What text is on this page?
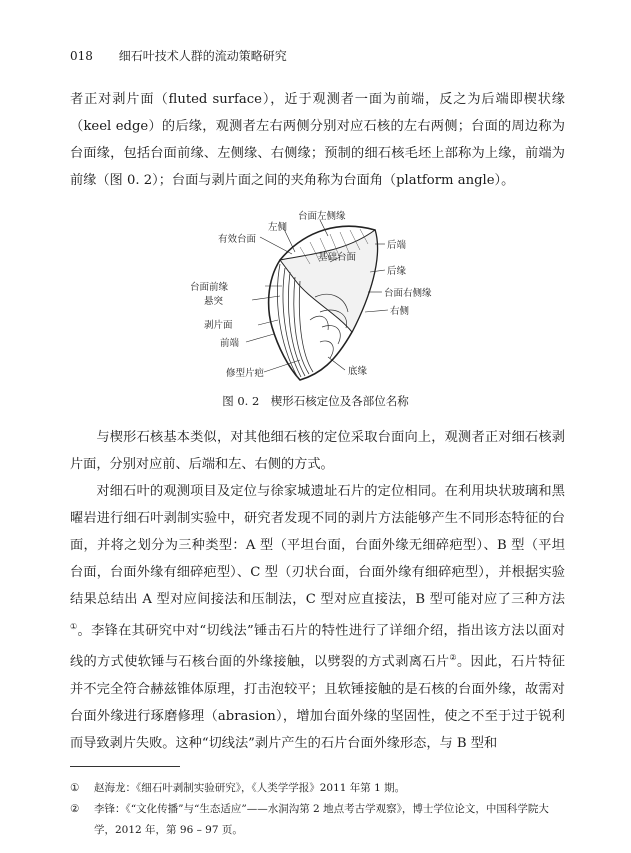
018 细石叶技术人群的流动策略研究

者正对剥片面（fluted surface），近于观测者一面为前端，反之为后端即楔状缘（keel edge）的后缘，观测者左右两侧分别对应石核的左右两侧；台面的周边称为台面缘，包括台面前缘、左侧缘、右侧缘；预制的细石核毛坯上部称为上缘，前端为前缘（图 0. 2）；台面与剥片面之间的夹角称为台面角（platform angle）。

有效台面
左侧
台面左侧缘
后端
基础台面
后缘
台面前缘
台面右侧缘
悬突
右侧
剥片面
前端
底缘
修型片疤
图 0. 2　楔形石核定位及各部位名称

与楔形石核基本类似，对其他细石核的定位采取台面向上，观测者正对细石核剥片面，分别对应前、后端和左、右侧的方式。

对细石叶的观测项目及定位与徐家城遗址石片的定位相同。在利用块状玻璃和黑曜岩进行细石叶剥制实验中，研究者发现不同的剥片方法能够产生不同形态特征的台面，并将之划分为三种类型：A 型（平坦台面，台面外缘无细碎疤型）、B 型（平坦台面，台面外缘有细碎疤型）、C 型（刃状台面，台面外缘有细碎疤型），并根据实验结果总结出 A 型对应间接法和压制法，C 型对应直接法，B 型可能对应了三种方法①。李锋在其研究中对“切线法”锤击石片的特性进行了详细介绍，指出该方法以面对线的方式使软锤与石核台面的外缘接触，以劈裂的方式剥离石片②。因此，石片特征并不完全符合赫兹锥体原理，打击泡较平；且软锤接触的是石核的台面外缘，故需对台面外缘进行琢磨修理（abrasion），增加台面外缘的坚固性，使之不至于过于锐利而导致剥片失败。这种“切线法”剥片产生的石片台面外缘形态，与 B 型和

①	赵海龙：《细石叶剥制实验研究》，《人类学学报》2011 年第 1 期。
②	李锋：《“文化传播”与“生态适应”——水洞沟第 2 地点考古学观察》，博士学位论文，中国科学院大学，2012 年，第 96 – 97 页。
